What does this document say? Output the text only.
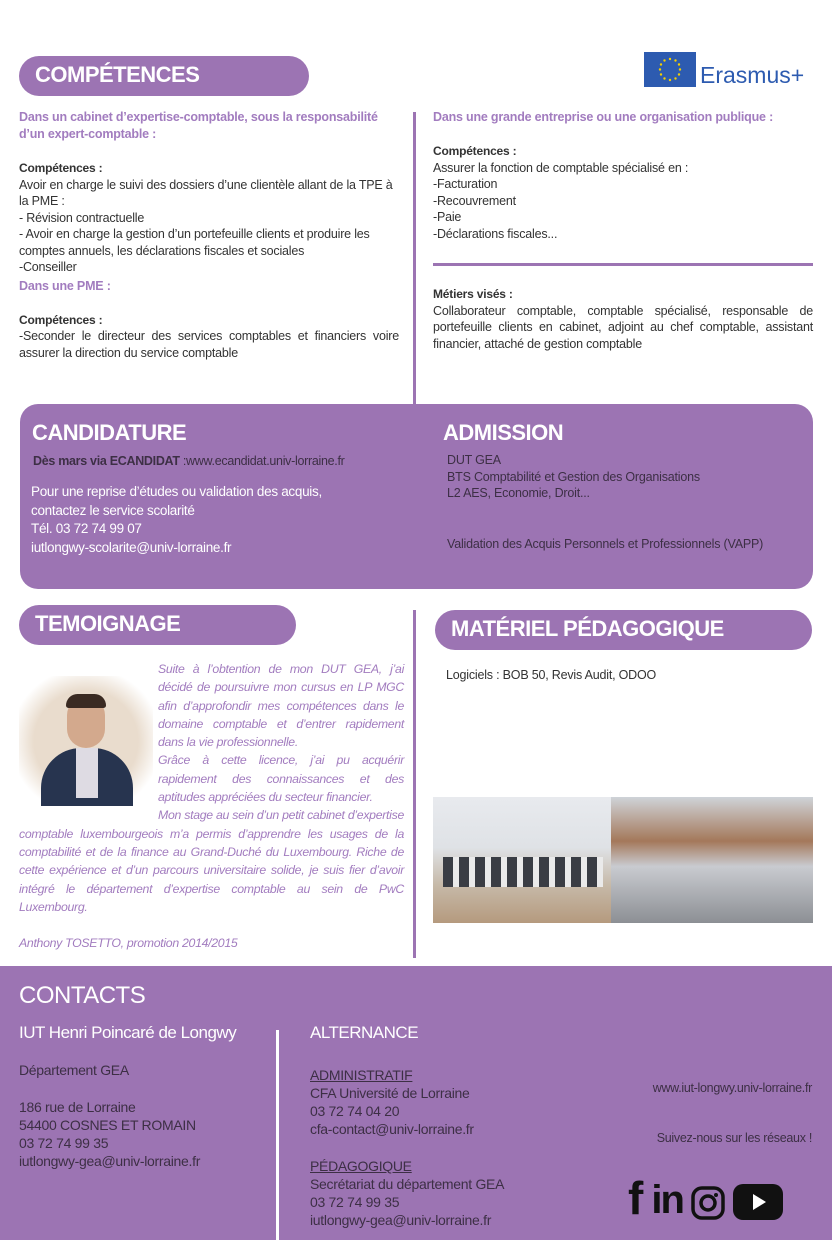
COMPÉTENCES	Erasmus+
Dans un cabinet d’expertise-comptable, sous la responsabilité d’un expert-comptable :
Compétences :
Avoir en charge le suivi des dossiers d’une clientèle allant de la TPE à la PME :
- Révision contractuelle
- Avoir en charge la gestion d’un portefeuille clients et produire les comptes annuels, les déclarations fiscales et sociales
-Conseiller
Dans une PME :
Compétences :
-Seconder le directeur des services comptables et financiers voire assurer la direction du service comptable
Dans une grande entreprise ou une organisation publique :
Compétences :
Assurer la fonction de comptable spécialisé en :
-Facturation
-Recouvrement
-Paie
-Déclarations fiscales...
Métiers visés :
Collaborateur comptable, comptable spécialisé, responsable de portefeuille clients en cabinet, adjoint au chef comptable, assistant financier, attaché de gestion comptable
CANDIDATURE
Dès mars via ECANDIDAT :www.ecandidat.univ-lorraine.fr
Pour une reprise d’études ou validation des acquis,
contactez le service scolarité
Tél. 03 72 74 99 07
iutlongwy-scolarite@univ-lorraine.fr
ADMISSION
DUT GEA
BTS Comptabilité et Gestion des Organisations
L2 AES, Economie, Droit...
Validation des Acquis Personnels et Professionnels (VAPP)
TEMOIGNAGE

Suite à l’obtention de mon DUT GEA, j’ai décidé de poursuivre mon cursus en LP MGC afin d’approfondir mes compétences dans le domaine comptable et d’entrer rapidement dans la vie professionnelle.

Grâce à cette licence, j’ai pu acquérir rapidement des connaissances et des aptitudes appréciées du secteur financier.

Mon stage au sein d’un petit cabinet d’expertise comptable luxembourgeois m’a permis d’apprendre les usages de la comptabilité et de la finance au Grand-Duché du Luxembourg. Riche de cette expérience et d’un parcours universitaire solide, je suis fier d’avoir intégré le département d’expertise comptable au sein de PwC Luxembourg.

Anthony TOSETTO, promotion 2014/2015

MATÉRIEL PÉDAGOGIQUE
Logiciels : BOB 50, Revis Audit, ODOO
CONTACTS
IUT Henri Poincaré de Longwy
Département GEA
186 rue de Lorraine
54400 COSNES ET ROMAIN
03 72 74 99 35
iutlongwy-gea@univ-lorraine.fr
ALTERNANCE
ADMINISTRATIF
CFA Université de Lorraine
03 72 74 04 20
cfa-contact@univ-lorraine.fr
PÉDAGOGIQUE
Secrétariat du département GEA
03 72 74 99 35
iutlongwy-gea@univ-lorraine.fr
www.iut-longwy.univ-lorraine.fr
Suivez-nous sur les réseaux !
f in
